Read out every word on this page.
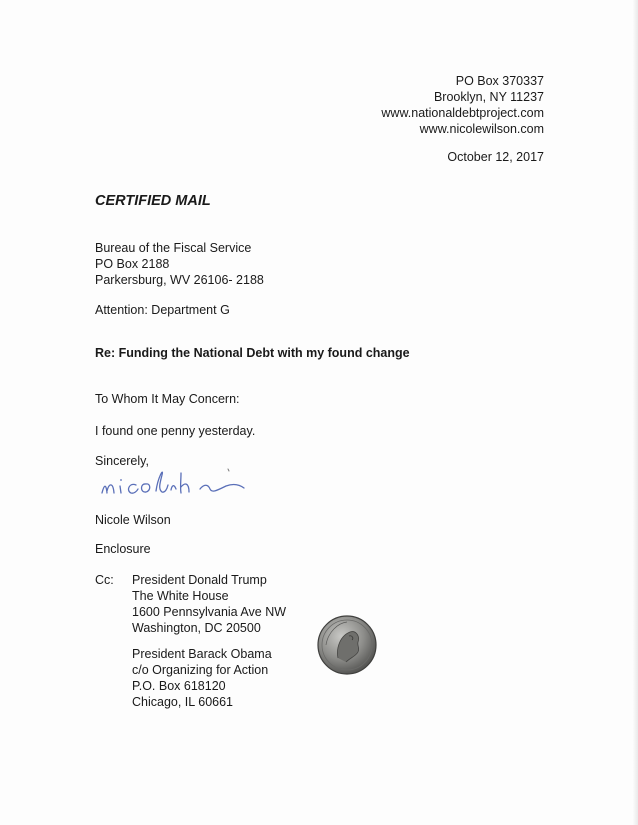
PO Box 370337
Brooklyn, NY 11237
www.nationaldebtproject.com
www.nicolewilson.com
October 12, 2017
CERTIFIED MAIL
Bureau of the Fiscal Service
PO Box 2188
Parkersburg, WV 26106- 2188
Attention: Department G
Re: Funding the National Debt with my found change
To Whom It May Concern:
I found one penny yesterday.
Sincerely,
Nicole Wilson
Enclosure
Cc: President Donald Trump
The White House
1600 Pennsylvania Ave NW
Washington, DC 20500
President Barack Obama
c/o Organizing for Action
P.O. Box 618120
Chicago, IL 60661
